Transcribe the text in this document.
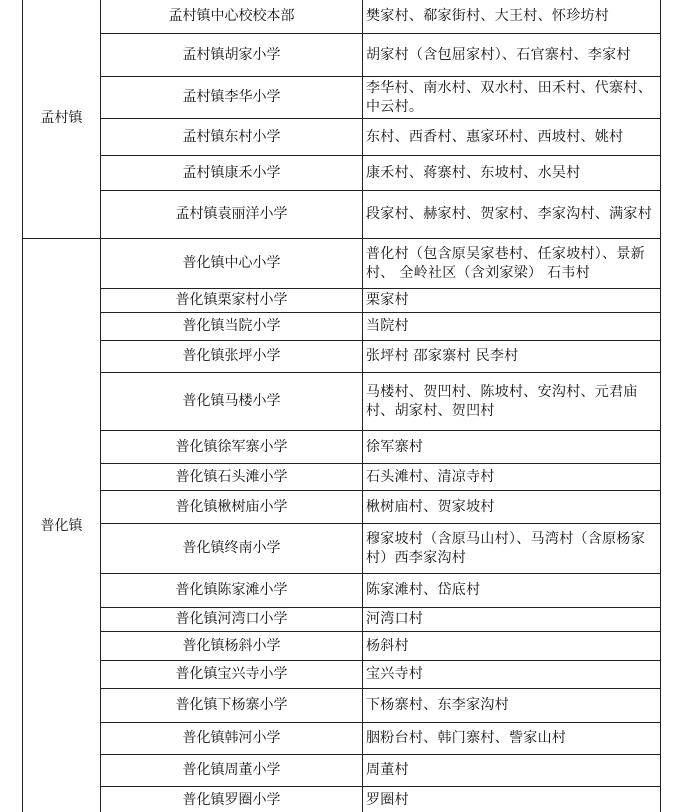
孟村镇	孟村镇中心校校本部	樊家村、郗家街村、大王村、怀珍坊村
	孟村镇胡家小学	胡家村（含包屈家村）、石官寨村、李家村
	孟村镇李华小学	李华村、南水村、双水村、田禾村、代寨村、中云村。
	孟村镇东村小学	东村、西香村、惠家环村、西坡村、姚村
	孟村镇康禾小学	康禾村、蒋寨村、东坡村、水吴村
	孟村镇袁丽洋小学	段家村、赫家村、贺家村、李家沟村、满家村
普化镇	普化镇中心小学	普化村（包含原吴家巷村、任家坡村）、景新村、 全岭社区（含刘家梁） 石韦村
	普化镇栗家村小学	栗家村
	普化镇当院小学	当院村
	普化镇张坪小学	张坪村 邵家寨村 民李村
	普化镇马楼小学	马楼村、贺凹村、陈坡村、安沟村、元君庙村、胡家村、贺凹村
	普化镇徐军寨小学	徐军寨村
	普化镇石头滩小学	石头滩村、清凉寺村
	普化镇楸树庙小学	楸树庙村、贺家坡村
	普化镇终南小学	穆家坡村（含原马山村）、马湾村（含原杨家村）西李家沟村
	普化镇陈家滩小学	陈家滩村、岱底村
	普化镇河湾口小学	河湾口村
	普化镇杨斜小学	杨斜村
	普化镇宝兴寺小学	宝兴寺村
	普化镇下杨寨小学	下杨寨村、东李家沟村
	普化镇韩河小学	胭粉台村、韩门寨村、訾家山村
	普化镇周董小学	周董村
	普化镇罗圈小学	罗圈村
